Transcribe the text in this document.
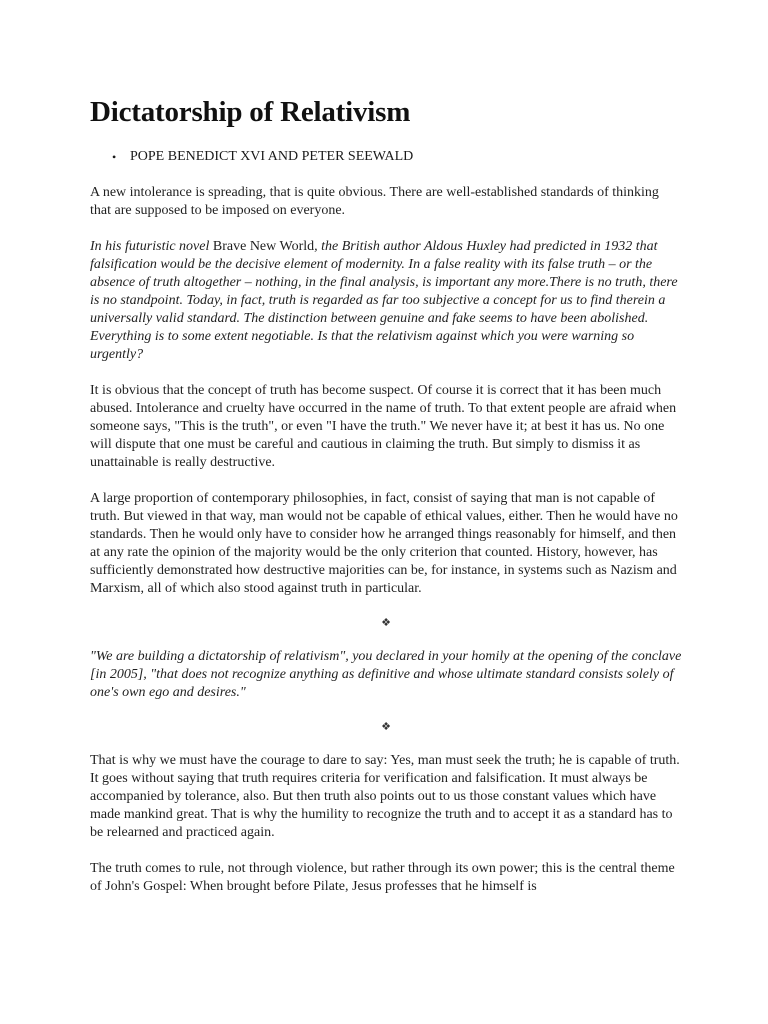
Dictatorship of Relativism
• POPE BENEDICT XVI AND PETER SEEWALD

A new intolerance is spreading, that is quite obvious. There are well-established standards of thinking that are supposed to be imposed on everyone.

In his futuristic novel Brave New World, the British author Aldous Huxley had predicted in 1932 that falsification would be the decisive element of modernity. In a false reality with its false truth – or the absence of truth altogether – nothing, in the final analysis, is important any more.There is no truth, there is no standpoint. Today, in fact, truth is regarded as far too subjective a concept for us to find therein a universally valid standard. The distinction between genuine and fake seems to have been abolished. Everything is to some extent negotiable. Is that the relativism against which you were warning so urgently?

It is obvious that the concept of truth has become suspect. Of course it is correct that it has been much abused. Intolerance and cruelty have occurred in the name of truth. To that extent people are afraid when someone says, "This is the truth", or even "I have the truth." We never have it; at best it has us. No one will dispute that one must be careful and cautious in claiming the truth. But simply to dismiss it as unattainable is really destructive.

A large proportion of contemporary philosophies, in fact, consist of saying that man is not capable of truth. But viewed in that way, man would not be capable of ethical values, either. Then he would have no standards. Then he would only have to consider how he arranged things reasonably for himself, and then at any rate the opinion of the majority would be the only criterion that counted. History, however, has sufficiently demonstrated how destructive majorities can be, for instance, in systems such as Nazism and Marxism, all of which also stood against truth in particular.

❖

"We are building a dictatorship of relativism", you declared in your homily at the opening of the conclave [in 2005], "that does not recognize anything as definitive and whose ultimate standard consists solely of one's own ego and desires."

❖

That is why we must have the courage to dare to say: Yes, man must seek the truth; he is capable of truth. It goes without saying that truth requires criteria for verification and falsification. It must always be accompanied by tolerance, also. But then truth also points out to us those constant values which have made mankind great. That is why the humility to recognize the truth and to accept it as a standard has to be relearned and practiced again.

The truth comes to rule, not through violence, but rather through its own power; this is the central theme of John's Gospel: When brought before Pilate, Jesus professes that he himself is
